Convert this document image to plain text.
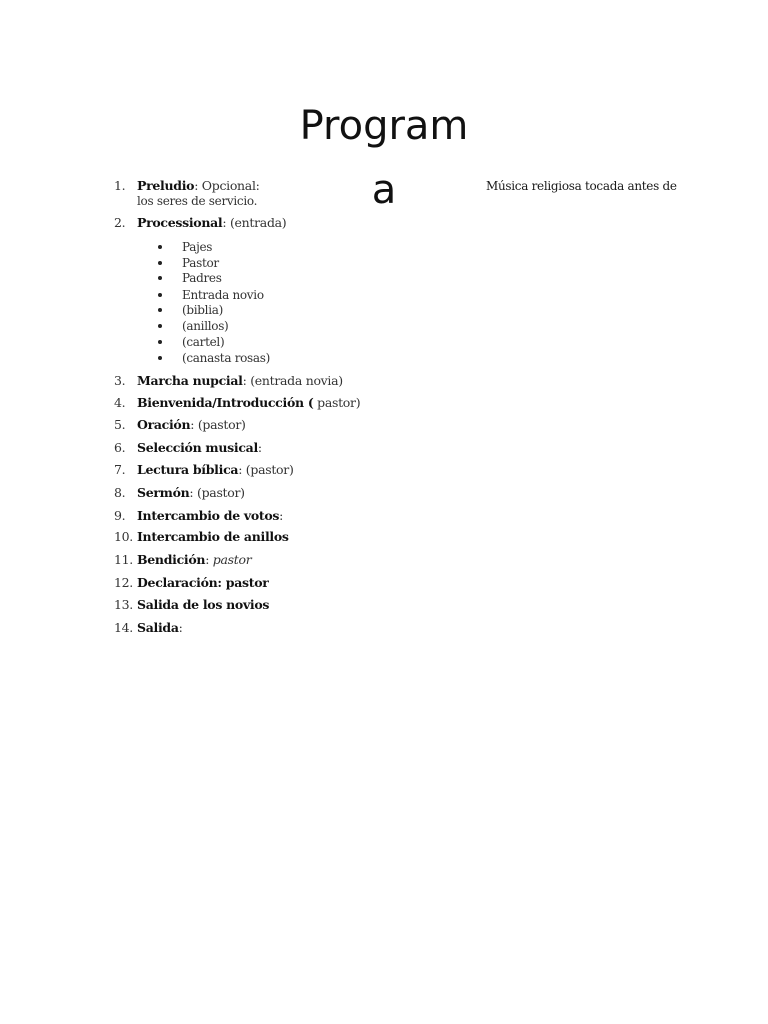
Program
a	Música religiosa tocada antes de
1. Preludio: Opcional:
los seres de servicio.
2. Processional: (entrada)
Pajes
Pastor
Padres
Entrada novio
(biblia)
(anillos)
(cartel)
(canasta rosas)
3. Marcha nupcial: (entrada novia)
4. Bienvenida/Introducción ( pastor)
5. Oración: (pastor)
6. Selección musical:
7. Lectura bíblica: (pastor)
8. Sermón: (pastor)
9. Intercambio de votos:
10. Intercambio de anillos
11. Bendición: pastor
12. Declaración: pastor
13. Salida de los novios
14. Salida:
